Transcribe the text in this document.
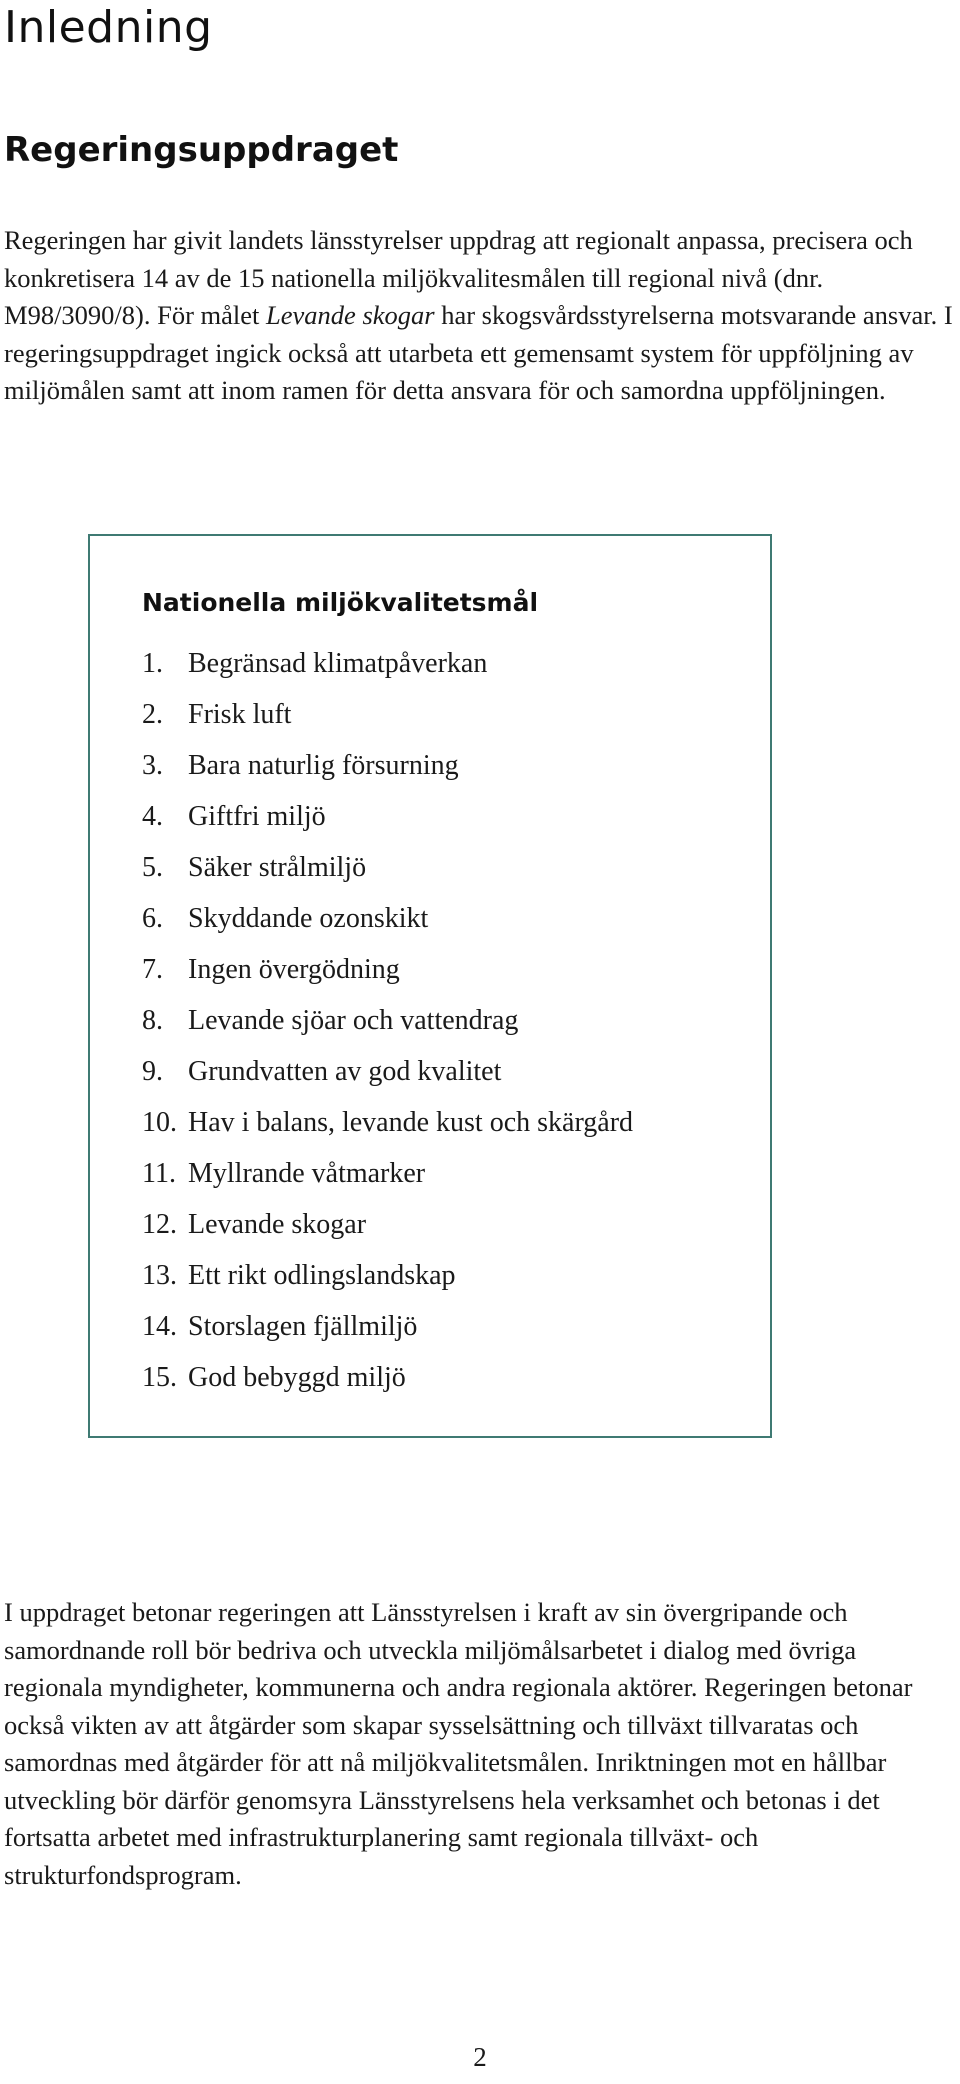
Inledning
Regeringsuppdraget

Regeringen har givit landets länsstyrelser uppdrag att regionalt anpassa, precisera och konkretisera 14 av de 15 nationella miljökvalitesmålen till regional nivå (dnr. M98/3090/8). För målet Levande skogar har skogsvårdsstyrelserna motsvarande ansvar. I regeringsuppdraget ingick också att utarbeta ett gemensamt system för uppföljning av miljömålen samt att inom ramen för detta ansvara för och samordna uppföljningen.

Nationella miljökvalitetsmål
1. Begränsad klimatpåverkan
2. Frisk luft
3. Bara naturlig försurning
4. Giftfri miljö
5. Säker strålmiljö
6. Skyddande ozonskikt
7. Ingen övergödning
8. Levande sjöar och vattendrag
9. Grundvatten av god kvalitet
10. Hav i balans, levande kust och skärgård
11. Myllrande våtmarker
12. Levande skogar
13. Ett rikt odlingslandskap
14. Storslagen fjällmiljö
15. God bebyggd miljö

I uppdraget betonar regeringen att Länsstyrelsen i kraft av sin övergripande och samordnande roll bör bedriva och utveckla miljömålsarbetet i dialog med övriga regionala myndigheter, kommunerna och andra regionala aktörer. Regeringen betonar också vikten av att åtgärder som skapar sysselsättning och tillväxt tillvaratas och samordnas med åtgärder för att nå miljökvalitetsmålen. Inriktningen mot en hållbar utveckling bör därför genomsyra Länsstyrelsens hela verksamhet och betonas i det fortsatta arbetet med infrastrukturplanering samt regionala tillväxt- och strukturfondsprogram.

2
